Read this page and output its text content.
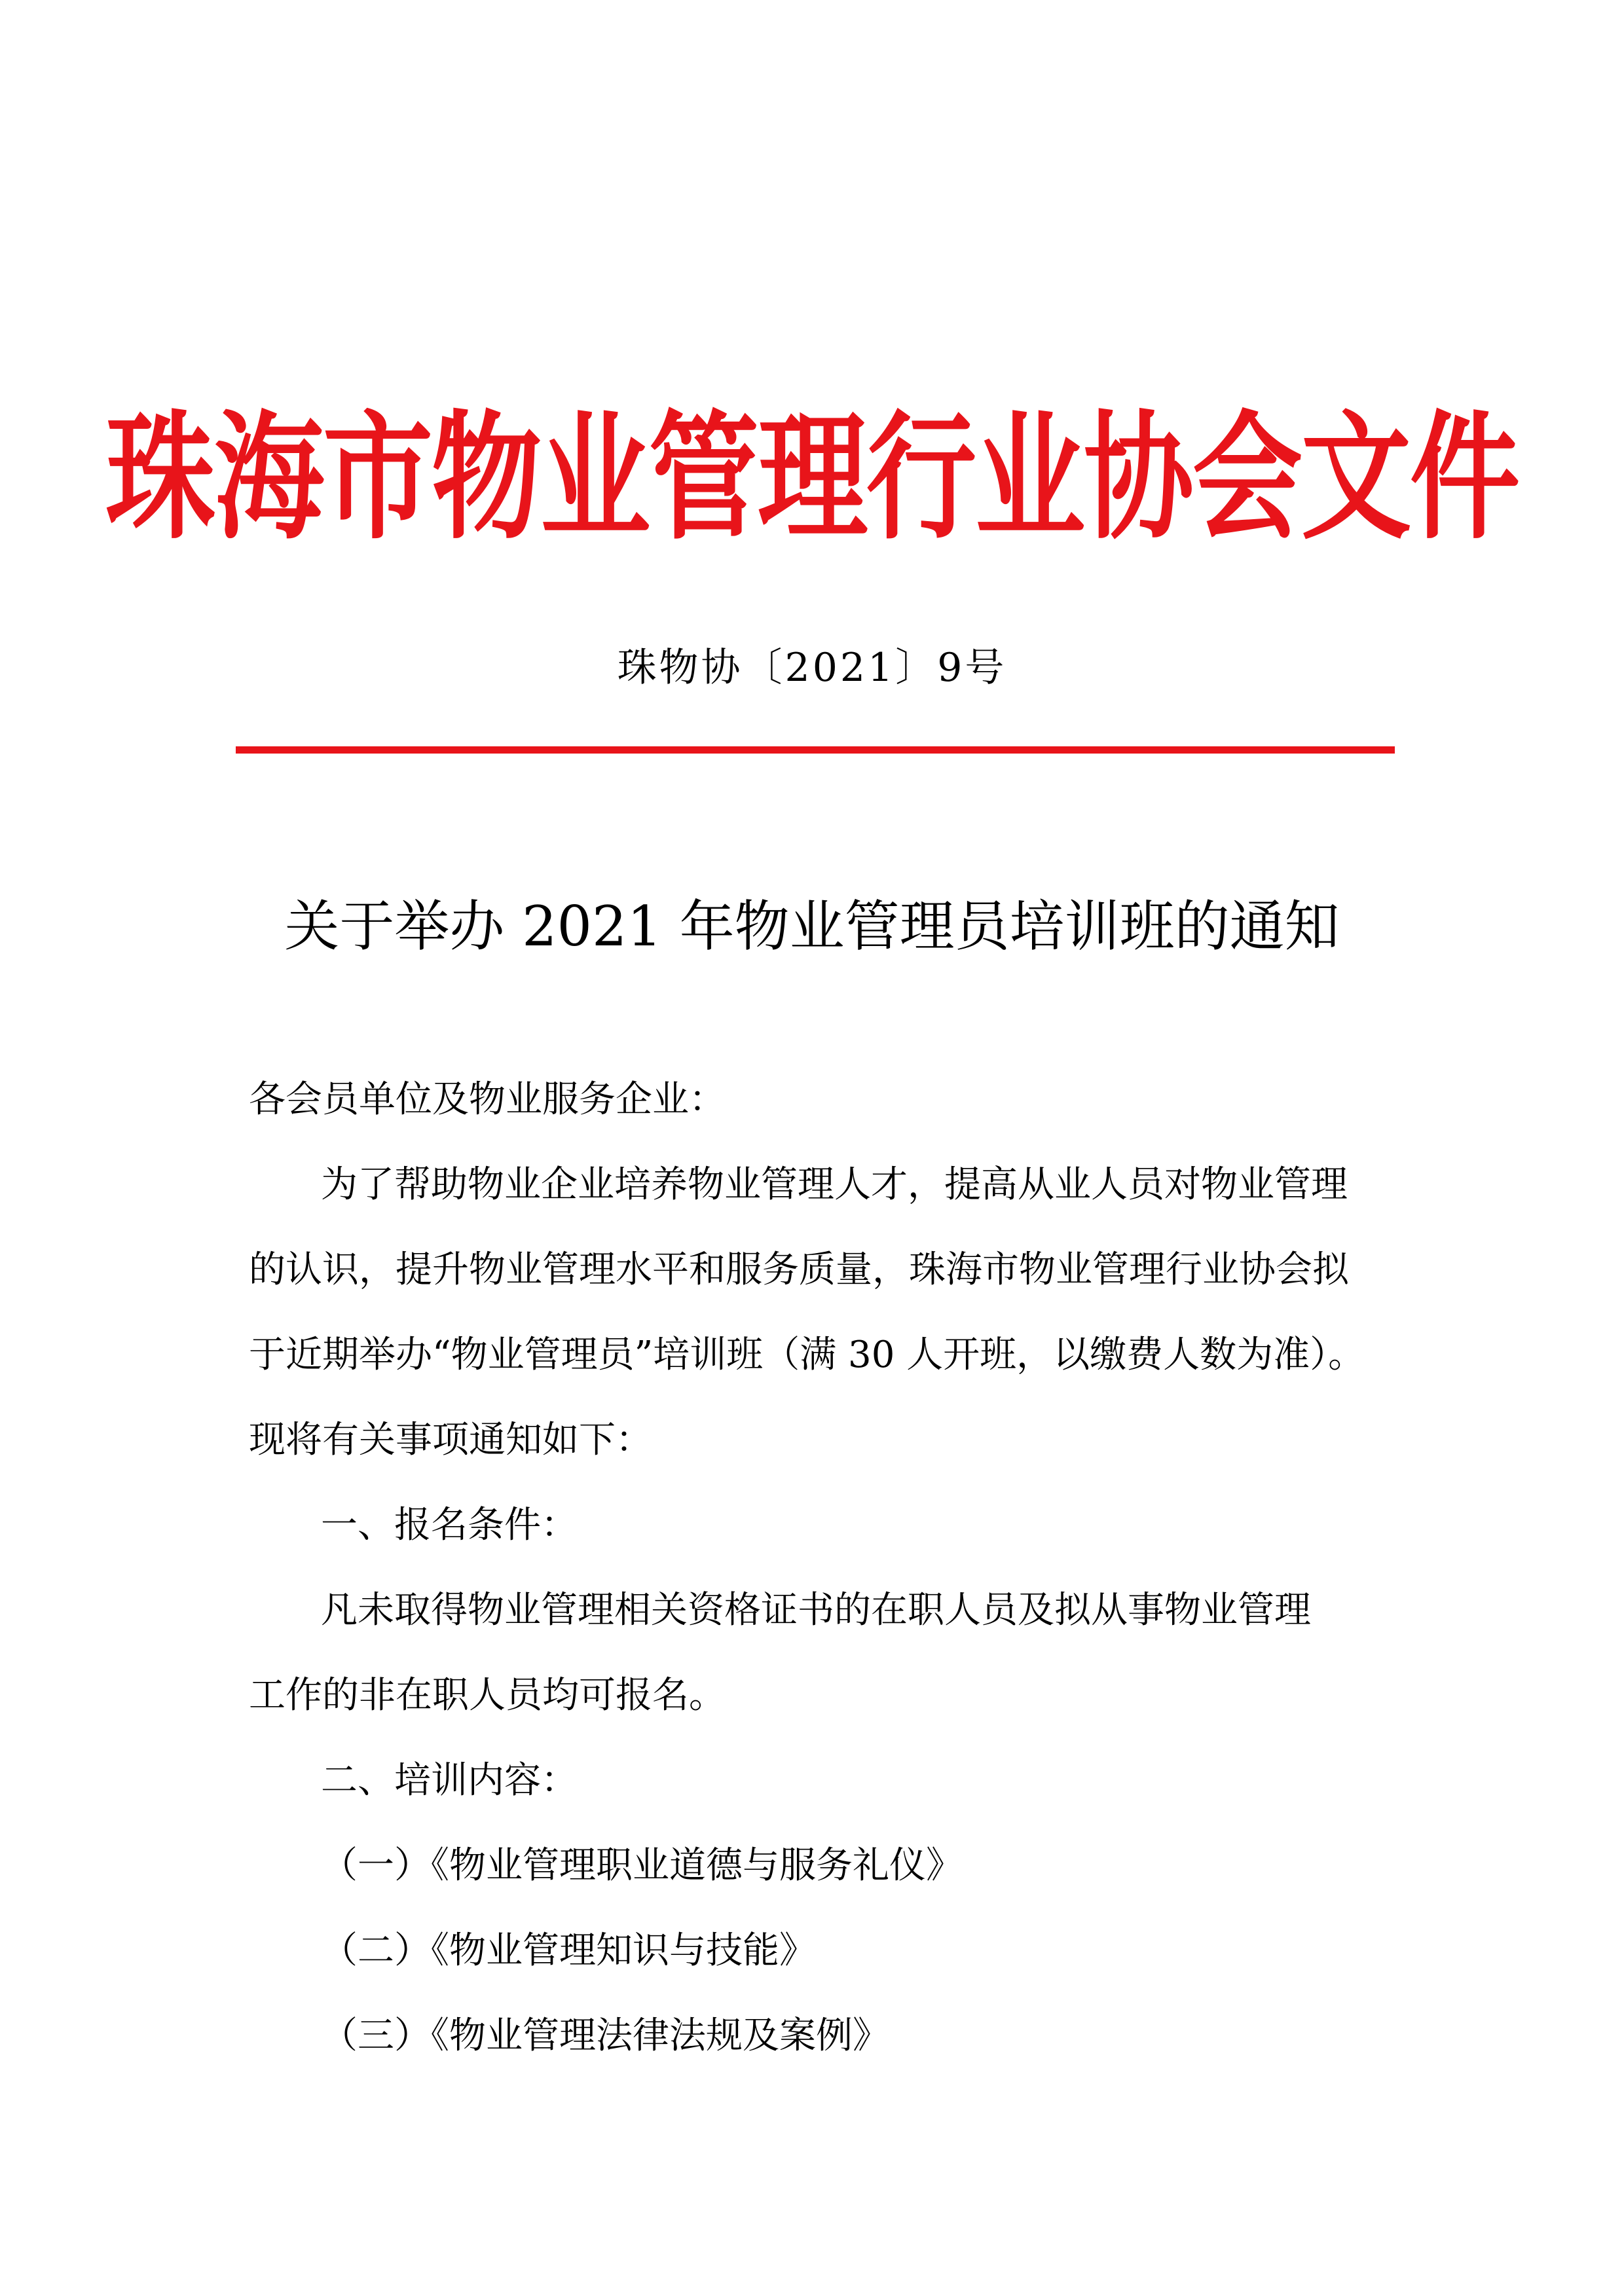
珠海市物业管理行业协会文件
珠物协〔2021〕9号
关于举办 2021 年物业管理员培训班的通知
各会员单位及物业服务企业：
为了帮助物业企业培养物业管理人才，提高从业人员对物业管理
的认识，提升物业管理水平和服务质量，珠海市物业管理行业协会拟
于近期举办“物业管理员”培训班（满 30 人开班，以缴费人数为准）。
现将有关事项通知如下：
一、报名条件：
凡未取得物业管理相关资格证书的在职人员及拟从事物业管理
工作的非在职人员均可报名。
二、培训内容：
（一）《物业管理职业道德与服务礼仪》
（二）《物业管理知识与技能》
（三）《物业管理法律法规及案例》
